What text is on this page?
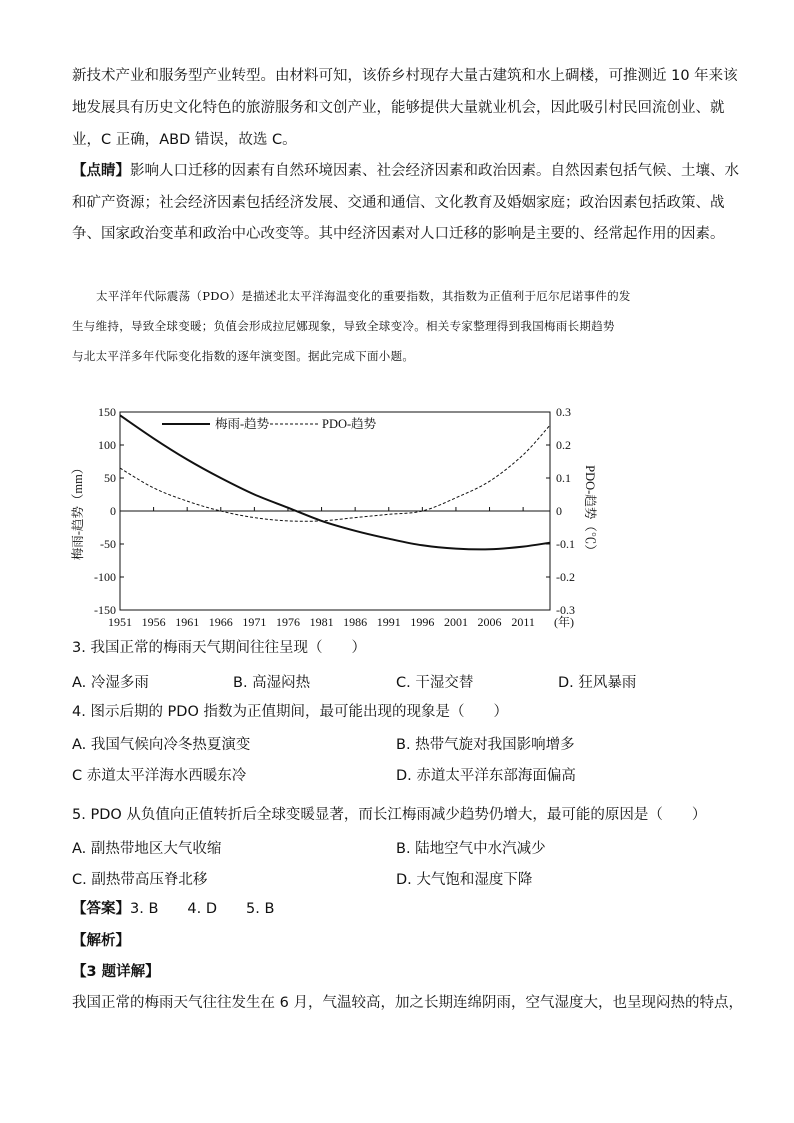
新技术产业和服务型产业转型。由材料可知，该侨乡村现存大量古建筑和水上碉楼，可推测近 10 年来该

地发展具有历史文化特色的旅游服务和文创产业，能够提供大量就业机会，因此吸引村民回流创业、就

业，C 正确，ABD 错误，故选 C。

【点睛】影响人口迁移的因素有自然环境因素、社会经济因素和政治因素。自然因素包括气候、土壤、水

和矿产资源；社会经济因素包括经济发展、交通和通信、文化教育及婚姻家庭；政治因素包括政策、战

争、国家政治变革和政治中心改变等。其中经济因素对人口迁移的影响是主要的、经常起作用的因素。

太平洋年代际震荡（PDO）是描述北太平洋海温变化的重要指数，其指数为正值利于厄尔尼诺事件的发

生与维持，导致全球变暖；负值会形成拉尼娜现象，导致全球变冷。相关专家整理得到我国梅雨长期趋势

与北太平洋多年代际变化指数的逐年演变图。据此完成下面小题。

1951 1956 1961 1966 1971 1976 1981 1986 1991 1996 2001 2006 2011 (年)
150
100
50
0
-50
-100
-150
0.3
0.2
0.1
0
-0.1
-0.2
-0.3
梅雨-趋势（mm）	PDO-趋势（℃）
梅雨-趋势	PDO-趋势

3. 我国正常的梅雨天气期间往往呈现（　　）

A. 冷湿多雨	B. 高湿闷热	C. 干湿交替	D. 狂风暴雨

4. 图示后期的 PDO 指数为正值期间，最可能出现的现象是（　　）

A. 我国气候向冷冬热夏演变	B. 热带气旋对我国影响增多
C 赤道太平洋海水西暖东冷	D. 赤道太平洋东部海面偏高

5. PDO 从负值向正值转折后全球变暖显著，而长江梅雨减少趋势仍增大，最可能的原因是（　　）

A. 副热带地区大气收缩	B. 陆地空气中水汽减少
C. 副热带高压脊北移	D. 大气饱和湿度下降

【答案】3. B　　4. D　　5. B

【解析】

【3 题详解】

我国正常的梅雨天气往往发生在 6 月，气温较高，加之长期连绵阴雨，空气湿度大，也呈现闷热的特点，
